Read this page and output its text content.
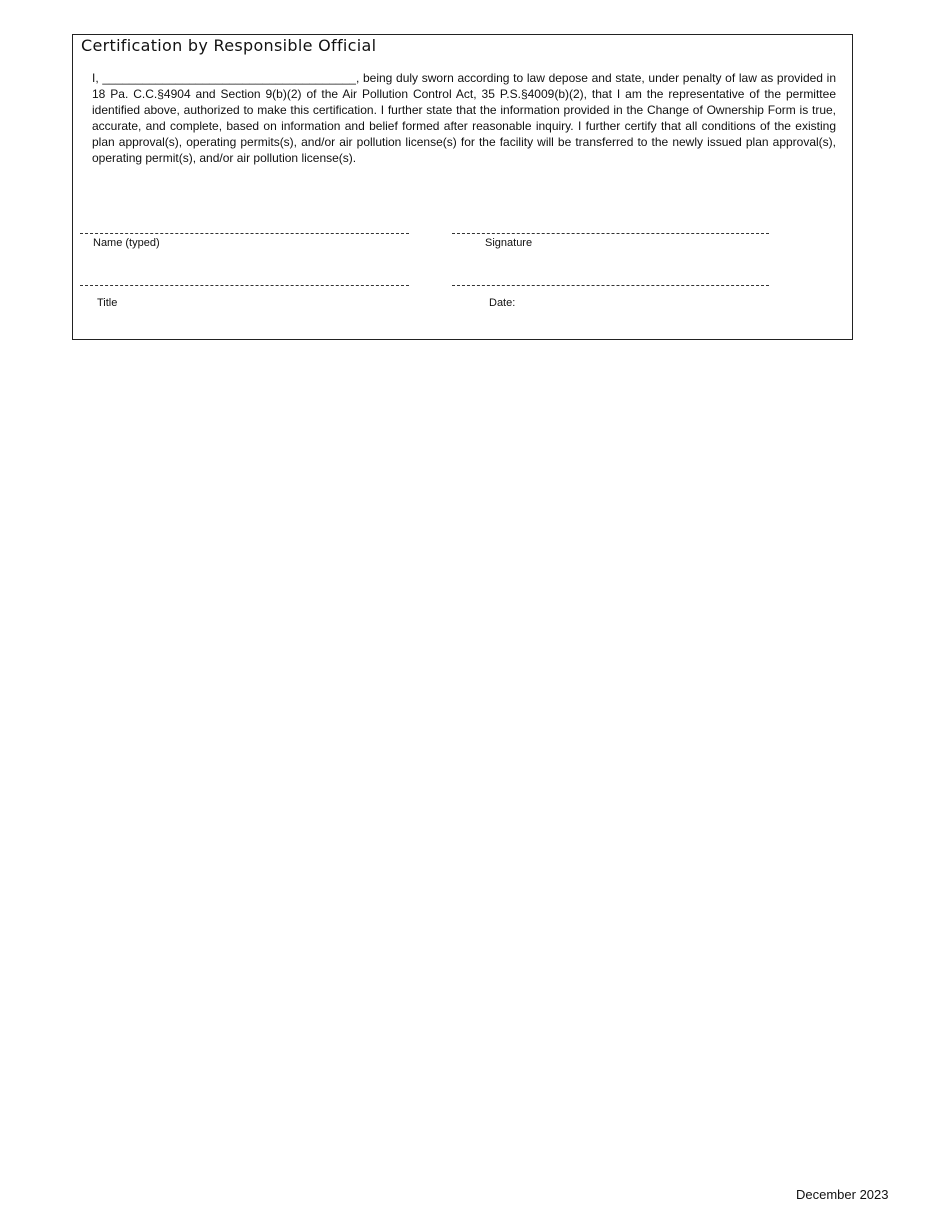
Certification by Responsible Official

I, ______________________________________, being duly sworn according to law depose and state, under penalty of law as provided in 18 Pa. C.C.§4904 and Section 9(b)(2) of the Air Pollution Control Act, 35 P.S.§4009(b)(2), that I am the representative of the permittee identified above, authorized to make this certification. I further state that the information provided in the Change of Ownership Form is true, accurate, and complete, based on information and belief formed after reasonable inquiry. I further certify that all conditions of the existing plan approval(s), operating permits(s), and/or air pollution license(s) for the facility will be transferred to the newly issued plan approval(s), operating permit(s), and/or air pollution license(s).

Name (typed)	Signature

Title	Date:

December 2023
